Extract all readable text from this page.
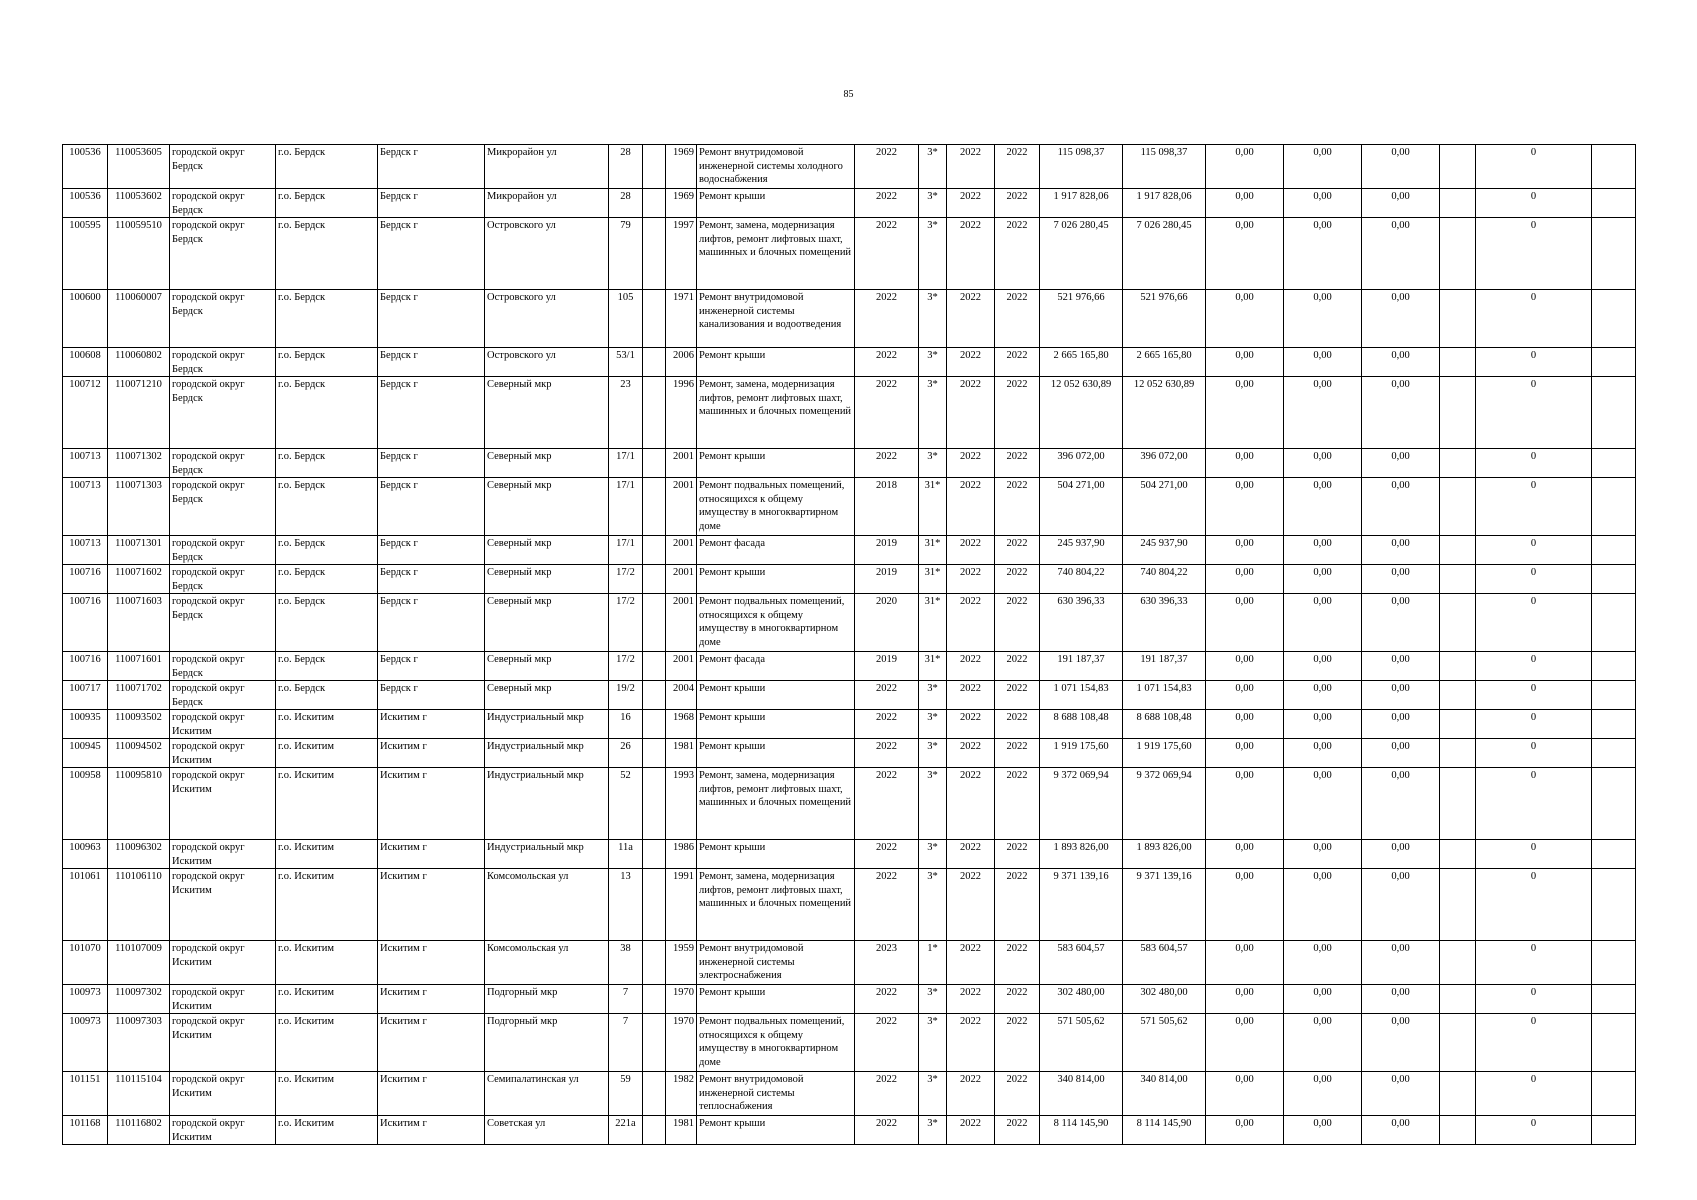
85
100536	110053605	городской округ Бердск	г.о. Бердск	Бердск г	Микрорайон ул	28		1969	Ремонт внутридомовой инженерной системы холодного водоснабжения	2022	3*	2022	2022	115 098,37	115 098,37	0,00	0,00	0,00		0	
100536	110053602	городской округ Бердск	г.о. Бердск	Бердск г	Микрорайон ул	28		1969	Ремонт крыши	2022	3*	2022	2022	1 917 828,06	1 917 828,06	0,00	0,00	0,00		0	
100595	110059510	городской округ Бердск	г.о. Бердск	Бердск г	Островского ул	79		1997	Ремонт, замена, модернизация лифтов, ремонт лифтовых шахт, машинных и блочных помещений	2022	3*	2022	2022	7 026 280,45	7 026 280,45	0,00	0,00	0,00		0	
100600	110060007	городской округ Бердск	г.о. Бердск	Бердск г	Островского ул	105		1971	Ремонт внутридомовой инженерной системы канализования и водоотведения	2022	3*	2022	2022	521 976,66	521 976,66	0,00	0,00	0,00		0	
100608	110060802	городской округ Бердск	г.о. Бердск	Бердск г	Островского ул	53/1		2006	Ремонт крыши	2022	3*	2022	2022	2 665 165,80	2 665 165,80	0,00	0,00	0,00		0	
100712	110071210	городской округ Бердск	г.о. Бердск	Бердск г	Северный мкр	23		1996	Ремонт, замена, модернизация лифтов, ремонт лифтовых шахт, машинных и блочных помещений	2022	3*	2022	2022	12 052 630,89	12 052 630,89	0,00	0,00	0,00		0	
100713	110071302	городской округ Бердск	г.о. Бердск	Бердск г	Северный мкр	17/1		2001	Ремонт крыши	2022	3*	2022	2022	396 072,00	396 072,00	0,00	0,00	0,00		0	
100713	110071303	городской округ Бердск	г.о. Бердск	Бердск г	Северный мкр	17/1		2001	Ремонт подвальных помещений, относящихся к общему имуществу в многоквартирном доме	2018	31*	2022	2022	504 271,00	504 271,00	0,00	0,00	0,00		0	
100713	110071301	городской округ Бердск	г.о. Бердск	Бердск г	Северный мкр	17/1		2001	Ремонт фасада	2019	31*	2022	2022	245 937,90	245 937,90	0,00	0,00	0,00		0	
100716	110071602	городской округ Бердск	г.о. Бердск	Бердск г	Северный мкр	17/2		2001	Ремонт крыши	2019	31*	2022	2022	740 804,22	740 804,22	0,00	0,00	0,00		0	
100716	110071603	городской округ Бердск	г.о. Бердск	Бердск г	Северный мкр	17/2		2001	Ремонт подвальных помещений, относящихся к общему имуществу в многоквартирном доме	2020	31*	2022	2022	630 396,33	630 396,33	0,00	0,00	0,00		0	
100716	110071601	городской округ Бердск	г.о. Бердск	Бердск г	Северный мкр	17/2		2001	Ремонт фасада	2019	31*	2022	2022	191 187,37	191 187,37	0,00	0,00	0,00		0	
100717	110071702	городской округ Бердск	г.о. Бердск	Бердск г	Северный мкр	19/2		2004	Ремонт крыши	2022	3*	2022	2022	1 071 154,83	1 071 154,83	0,00	0,00	0,00		0	
100935	110093502	городской округ Искитим	г.о. Искитим	Искитим г	Индустриальный мкр	16		1968	Ремонт крыши	2022	3*	2022	2022	8 688 108,48	8 688 108,48	0,00	0,00	0,00		0	
100945	110094502	городской округ Искитим	г.о. Искитим	Искитим г	Индустриальный мкр	26		1981	Ремонт крыши	2022	3*	2022	2022	1 919 175,60	1 919 175,60	0,00	0,00	0,00		0	
100958	110095810	городской округ Искитим	г.о. Искитим	Искитим г	Индустриальный мкр	52		1993	Ремонт, замена, модернизация лифтов, ремонт лифтовых шахт, машинных и блочных помещений	2022	3*	2022	2022	9 372 069,94	9 372 069,94	0,00	0,00	0,00		0	
100963	110096302	городской округ Искитим	г.о. Искитим	Искитим г	Индустриальный мкр	11а		1986	Ремонт крыши	2022	3*	2022	2022	1 893 826,00	1 893 826,00	0,00	0,00	0,00		0	
101061	110106110	городской округ Искитим	г.о. Искитим	Искитим г	Комсомольская ул	13		1991	Ремонт, замена, модернизация лифтов, ремонт лифтовых шахт, машинных и блочных помещений	2022	3*	2022	2022	9 371 139,16	9 371 139,16	0,00	0,00	0,00		0	
101070	110107009	городской округ Искитим	г.о. Искитим	Искитим г	Комсомольская ул	38		1959	Ремонт внутридомовой инженерной системы электроснабжения	2023	1*	2022	2022	583 604,57	583 604,57	0,00	0,00	0,00		0	
100973	110097302	городской округ Искитим	г.о. Искитим	Искитим г	Подгорный мкр	7		1970	Ремонт крыши	2022	3*	2022	2022	302 480,00	302 480,00	0,00	0,00	0,00		0	
100973	110097303	городской округ Искитим	г.о. Искитим	Искитим г	Подгорный мкр	7		1970	Ремонт подвальных помещений, относящихся к общему имуществу в многоквартирном доме	2022	3*	2022	2022	571 505,62	571 505,62	0,00	0,00	0,00		0	
101151	110115104	городской округ Искитим	г.о. Искитим	Искитим г	Семипалатинская ул	59		1982	Ремонт внутридомовой инженерной системы теплоснабжения	2022	3*	2022	2022	340 814,00	340 814,00	0,00	0,00	0,00		0	
101168	110116802	городской округ Искитим	г.о. Искитим	Искитим г	Советская ул	221а		1981	Ремонт крыши	2022	3*	2022	2022	8 114 145,90	8 114 145,90	0,00	0,00	0,00		0	
